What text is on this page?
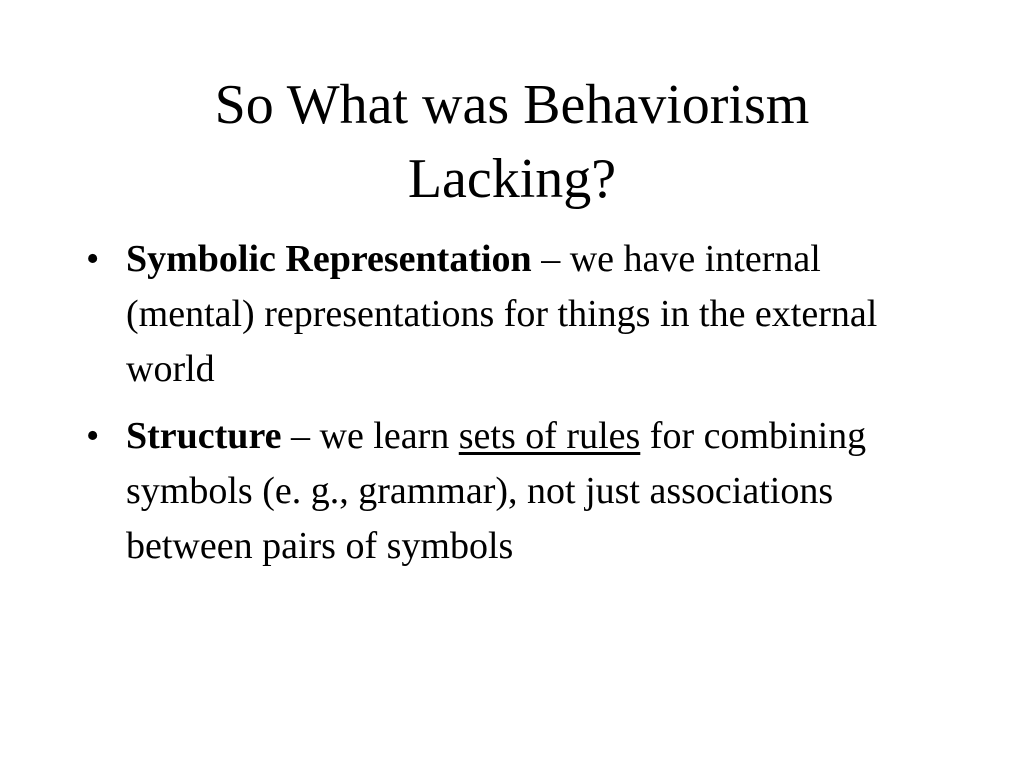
So What was Behaviorism
Lacking?
• Symbolic Representation – we have internal (mental) representations for things in the external world
• Structure – we learn sets of rules for combining symbols (e. g., grammar), not just associations between pairs of symbols
